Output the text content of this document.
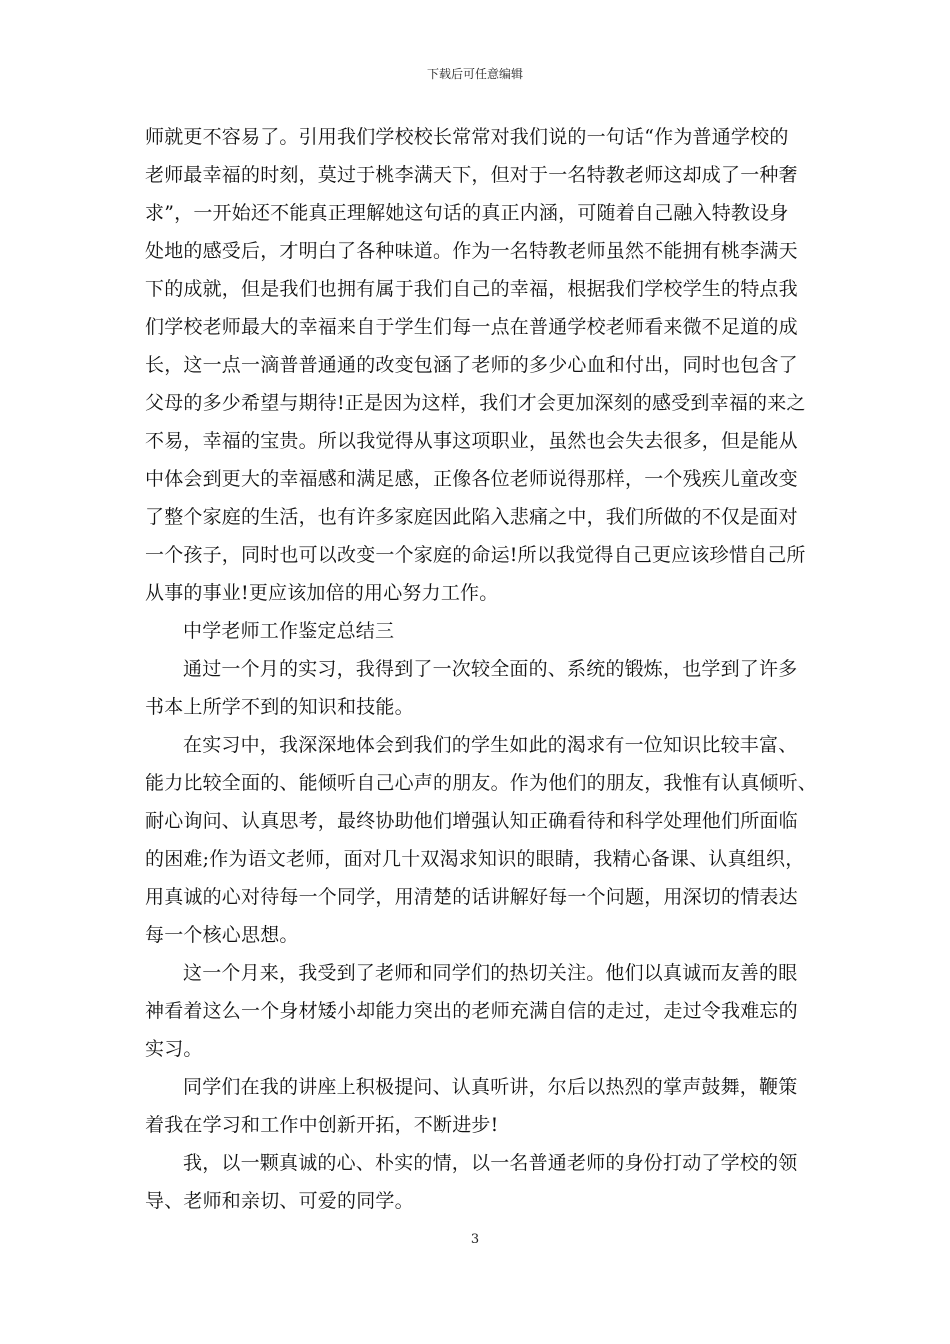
下载后可任意编辑
师就更不容易了。引用我们学校校长常常对我们说的一句话“作为普通学校的
老师最幸福的时刻，莫过于桃李满天下，但对于一名特教老师这却成了一种奢
求”，一开始还不能真正理解她这句话的真正内涵，可随着自己融入特教设身
处地的感受后，才明白了各种味道。作为一名特教老师虽然不能拥有桃李满天
下的成就，但是我们也拥有属于我们自己的幸福，根据我们学校学生的特点我
们学校老师最大的幸福来自于学生们每一点在普通学校老师看来微不足道的成
长，这一点一滴普普通通的改变包涵了老师的多少心血和付出，同时也包含了
父母的多少希望与期待!正是因为这样，我们才会更加深刻的感受到幸福的来之
不易，幸福的宝贵。所以我觉得从事这项职业，虽然也会失去很多，但是能从
中体会到更大的幸福感和满足感，正像各位老师说得那样，一个残疾儿童改变
了整个家庭的生活，也有许多家庭因此陷入悲痛之中，我们所做的不仅是面对
一个孩子，同时也可以改变一个家庭的命运!所以我觉得自己更应该珍惜自己所
从事的事业!更应该加倍的用心努力工作。
中学老师工作鉴定总结三
通过一个月的实习，我得到了一次较全面的、系统的锻炼，也学到了许多
书本上所学不到的知识和技能。
在实习中，我深深地体会到我们的学生如此的渴求有一位知识比较丰富、
能力比较全面的、能倾听自己心声的朋友。作为他们的朋友，我惟有认真倾听、
耐心询问、认真思考，最终协助他们增强认知正确看待和科学处理他们所面临
的困难;作为语文老师，面对几十双渴求知识的眼睛，我精心备课、认真组织，
用真诚的心对待每一个同学，用清楚的话讲解好每一个问题，用深切的情表达
每一个核心思想。
这一个月来，我受到了老师和同学们的热切关注。他们以真诚而友善的眼
神看着这么一个身材矮小却能力突出的老师充满自信的走过，走过令我难忘的
实习。
同学们在我的讲座上积极提问、认真听讲，尔后以热烈的掌声鼓舞，鞭策
着我在学习和工作中创新开拓，不断进步!
我，以一颗真诚的心、朴实的情，以一名普通老师的身份打动了学校的领
导、老师和亲切、可爱的同学。
3
